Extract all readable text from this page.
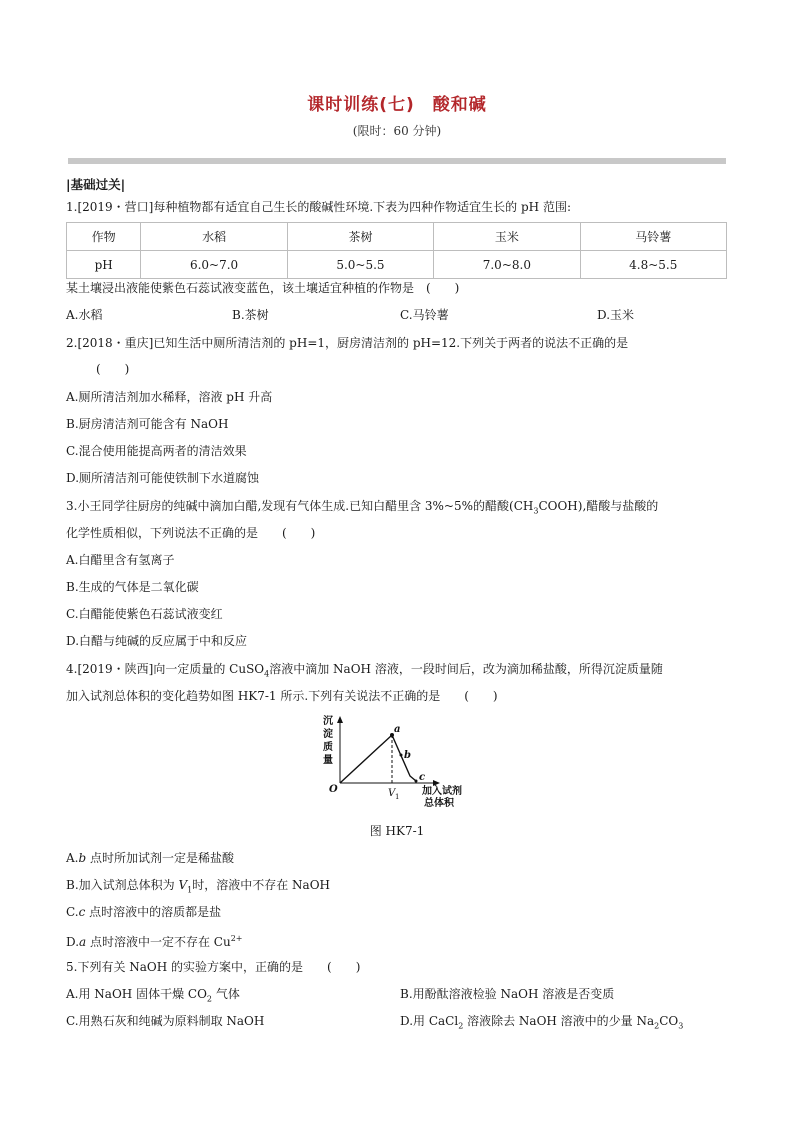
课时训练(七)　酸和碱
(限时：60 分钟)
|基础过关|
1.[2019・营口]每种植物都有适宜自己生长的酸碱性环境.下表为四种作物适宜生长的 pH 范围:
作物	水稻	茶树	玉米	马铃薯
pH	6.0~7.0	5.0~5.5	7.0~8.0	4.8~5.5
某土壤浸出液能使紫色石蕊试液变蓝色，该土壤适宜种植的作物是　(　　)
A.水稻	B.茶树	C.马铃薯	D.玉米
2.[2018・重庆]已知生活中厕所清洁剂的 pH=1，厨房清洁剂的 pH=12.下列关于两者的说法不正确的是
(　　)
A.厕所清洁剂加水稀释，溶液 pH 升高
B.厨房清洁剂可能含有 NaOH
C.混合使用能提高两者的清洁效果
D.厕所清洁剂可能使铁制下水道腐蚀
3.小王同学往厨房的纯碱中滴加白醋,发现有气体生成.已知白醋里含 3%~5%的醋酸$(CH_3COOH)$,醋酸与盐酸的
化学性质相似，下列说法不正确的是　　(　　)
A.白醋里含有氢离子
B.生成的气体是二氧化碳
C.白醋能使紫色石蕊试液变红
D.白醋与纯碱的反应属于中和反应
4.[2019・陕西]向一定质量的 CuSO$_4$溶液中滴加 NaOH 溶液，一段时间后，改为滴加稀盐酸，所得沉淀质量随
加入试剂总体积的变化趋势如图 HK7-1 所示.下列有关说法不正确的是　　(　　)
沉
淀
质
量
O
a
b
c
V 1 加入试剂
总体积
图 HK7-1
A.b 点时所加试剂一定是稀盐酸
B.加入试剂总体积为 $V_1$时，溶液中不存在 NaOH
C.c 点时溶液中的溶质都是盐
D.a 点时溶液中一定不存在 $Cu^{2+}$
5.下列有关 NaOH 的实验方案中，正确的是　　(　　)
A.用 NaOH 固体干燥 $CO_2$ 气体	B.用酚酞溶液检验 NaOH 溶液是否变质
C.用熟石灰和纯碱为原料制取 NaOH	D.用 CaCl$_2$ 溶液除去 NaOH 溶液中的少量 $Na_2CO_3$
